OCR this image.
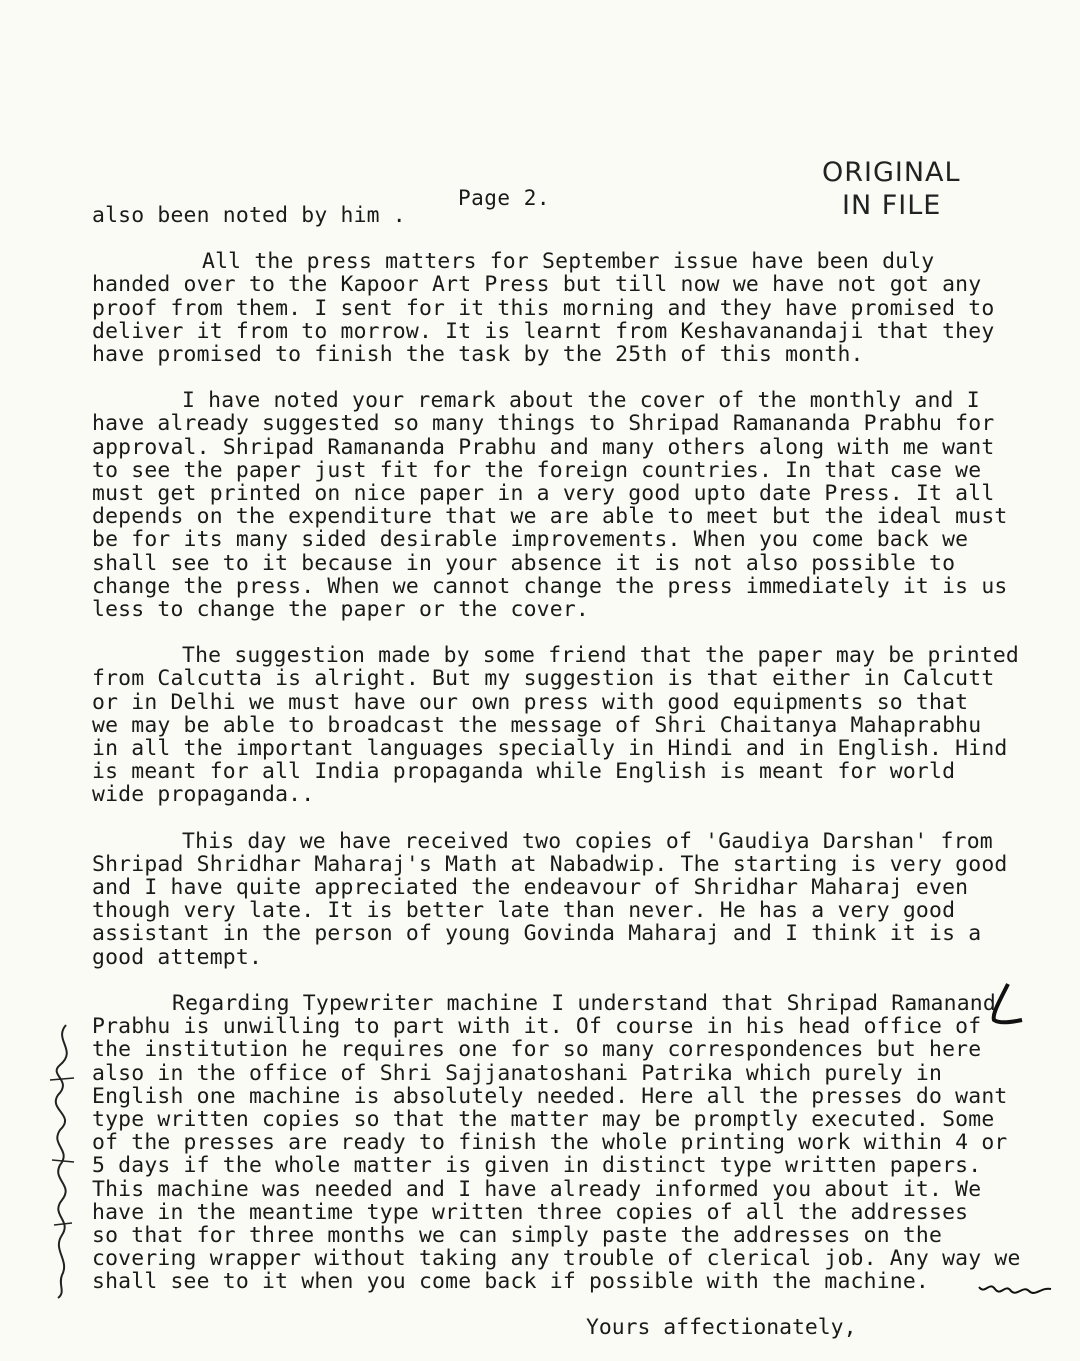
ORIGINAL
IN FILE
Page 2.
also been noted by him .
All the press matters for September issue have been duly
handed over to the Kapoor Art Press but till now we have not got any
proof from them. I sent for it this morning and they have promised to
deliver it from to morrow. It is learnt from Keshavanandaji that they
have promised to finish the task by the 25th of this month.
I have noted your remark about the cover of the monthly and I
have already suggested so many things to Shripad Ramananda Prabhu for
approval. Shripad Ramananda Prabhu and many others along with me want
to see the paper just fit for the foreign countries. In that case we
must get printed on nice paper in a very good upto date Press. It all
depends on the expenditure that we are able to meet but the ideal must
be for its many sided desirable improvements. When you come back we
shall see to it because in your absence it is not also possible to
change the press. When we cannot change the press immediately it is us
less to change the paper or the cover.
The suggestion made by some friend that the paper may be printed
from Calcutta is alright. But my suggestion is that either in Calcutt
or in Delhi we must have our own press with good equipments so that
we may be able to broadcast the message of Shri Chaitanya Mahaprabhu
in all the important languages specially in Hindi and in English. Hind
is meant for all India propaganda while English is meant for world
wide propaganda..
This day we have received two copies of 'Gaudiya Darshan' from
Shripad Shridhar Maharaj's Math at Nabadwip. The starting is very good
and I have quite appreciated the endeavour of Shridhar Maharaj even
though very late. It is better late than never. He has a very good
assistant in the person of young Govinda Maharaj and I think it is a
good attempt.
Regarding Typewriter machine I understand that Shripad Ramanand
Prabhu is unwilling to part with it. Of course in his head office of
the institution he requires one for so many correspondences but here
also in the office of Shri Sajjanatoshani Patrika which purely in
English one machine is absolutely needed. Here all the presses do want
type written copies so that the matter may be promptly executed. Some
of the presses are ready to finish the whole printing work within 4 or
5 days if the whole matter is given in distinct type written papers.
This machine was needed and I have already informed you about it. We
have in the meantime type written three copies of all the addresses
so that for three months we can simply paste the addresses on the
covering wrapper without taking any trouble of clerical job. Any way we
shall see to it when you come back if possible with the machine.
Yours affectionately,
